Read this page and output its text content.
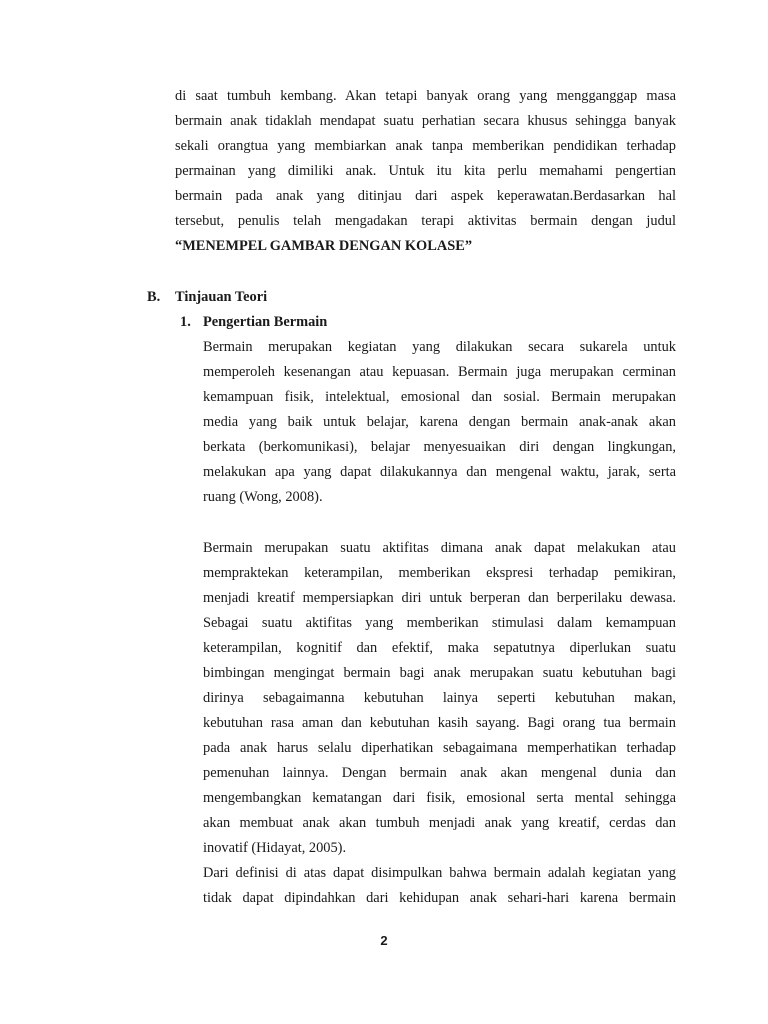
di saat tumbuh kembang. Akan tetapi banyak orang yang mengganggap masa

bermain anak tidaklah mendapat suatu perhatian secara khusus sehingga banyak

sekali orangtua yang membiarkan anak tanpa memberikan pendidikan terhadap

permainan yang dimiliki anak. Untuk itu kita perlu memahami pengertian

bermain pada anak yang ditinjau dari aspek keperawatan.Berdasarkan hal

tersebut, penulis telah mengadakan terapi aktivitas bermain dengan judul

“MENEMPEL GAMBAR DENGAN KOLASE”

B. Tinjauan Teori
1. Pengertian Bermain

Bermain merupakan kegiatan yang dilakukan secara sukarela untuk

memperoleh kesenangan atau kepuasan. Bermain juga merupakan cerminan

kemampuan fisik, intelektual, emosional dan sosial. Bermain merupakan

media yang baik untuk belajar, karena dengan bermain anak-anak akan

berkata (berkomunikasi), belajar menyesuaikan diri dengan lingkungan,

melakukan apa yang dapat dilakukannya dan mengenal waktu, jarak, serta

ruang (Wong, 2008).

Bermain merupakan suatu aktifitas dimana anak dapat melakukan atau

mempraktekan keterampilan, memberikan ekspresi terhadap pemikiran,

menjadi kreatif mempersiapkan diri untuk berperan dan berperilaku dewasa.

Sebagai suatu aktifitas yang memberikan stimulasi dalam kemampuan

keterampilan, kognitif dan efektif, maka sepatutnya diperlukan suatu

bimbingan mengingat bermain bagi anak merupakan suatu kebutuhan bagi

dirinya sebagaimanna kebutuhan lainya seperti kebutuhan makan,

kebutuhan rasa aman dan kebutuhan kasih sayang. Bagi orang tua bermain

pada anak harus selalu diperhatikan sebagaimana memperhatikan terhadap

pemenuhan lainnya. Dengan bermain anak akan mengenal dunia dan

mengembangkan kematangan dari fisik, emosional serta mental sehingga

akan membuat anak akan tumbuh menjadi anak yang kreatif, cerdas dan

inovatif (Hidayat, 2005).

Dari definisi di atas dapat disimpulkan bahwa bermain adalah kegiatan yang

tidak dapat dipindahkan dari kehidupan anak sehari-hari karena bermain

2
